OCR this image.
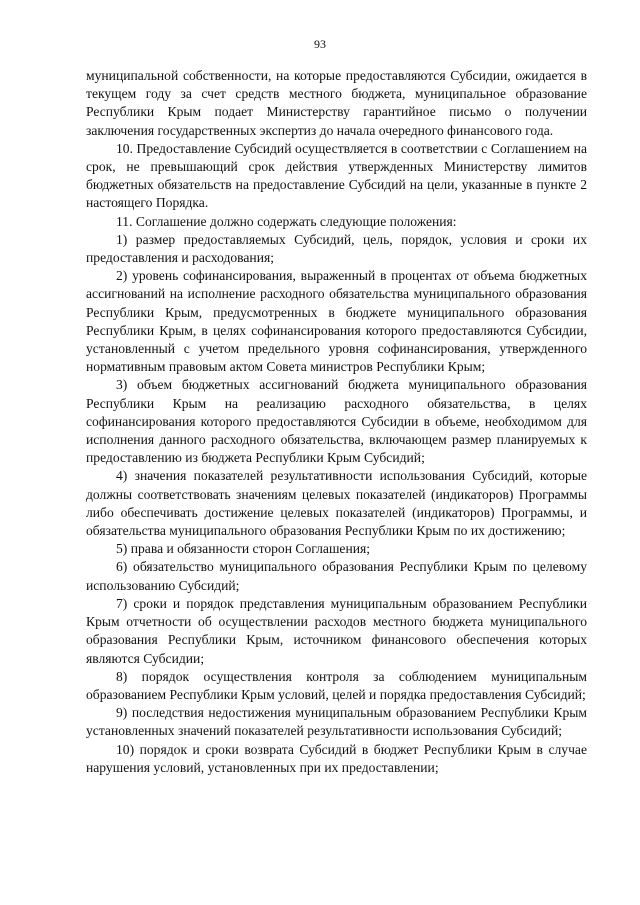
93

муниципальной собственности, на которые предоставляются Субсидии, ожидается в текущем году за счет средств местного бюджета, муниципальное образование Республики Крым подает Министерству гарантийное письмо о получении заключения государственных экспертиз до начала очередного финансового года.

10. Предоставление Субсидий осуществляется в соответствии с Соглашением на срок, не превышающий срок действия утвержденных Министерству лимитов бюджетных обязательств на предоставление Субсидий на цели, указанные в пункте 2 настоящего Порядка.

11. Соглашение должно содержать следующие положения:

1) размер предоставляемых Субсидий, цель, порядок, условия и сроки их предоставления и расходования;

2) уровень софинансирования, выраженный в процентах от объема бюджетных ассигнований на исполнение расходного обязательства муниципального образования Республики Крым, предусмотренных в бюджете муниципального образования Республики Крым, в целях софинансирования которого предоставляются Субсидии, установленный с учетом предельного уровня софинансирования, утвержденного нормативным правовым актом Совета министров Республики Крым;

3) объем бюджетных ассигнований бюджета муниципального образования Республики Крым на реализацию расходного обязательства, в целях софинансирования которого предоставляются Субсидии в объеме, необходимом для исполнения данного расходного обязательства, включающем размер планируемых к предоставлению из бюджета Республики Крым Субсидий;

4) значения показателей результативности использования Субсидий, которые должны соответствовать значениям целевых показателей (индикаторов) Программы либо обеспечивать достижение целевых показателей (индикаторов) Программы, и обязательства муниципального образования Республики Крым по их достижению;

5) права и обязанности сторон Соглашения;

6) обязательство муниципального образования Республики Крым по целевому использованию Субсидий;

7) сроки и порядок представления муниципальным образованием Республики Крым отчетности об осуществлении расходов местного бюджета муниципального образования Республики Крым, источником финансового обеспечения которых являются Субсидии;

8) порядок осуществления контроля за соблюдением муниципальным образованием Республики Крым условий, целей и порядка предоставления Субсидий;

9) последствия недостижения муниципальным образованием Республики Крым установленных значений показателей результативности использования Субсидий;

10) порядок и сроки возврата Субсидий в бюджет Республики Крым в случае нарушения условий, установленных при их предоставлении;
